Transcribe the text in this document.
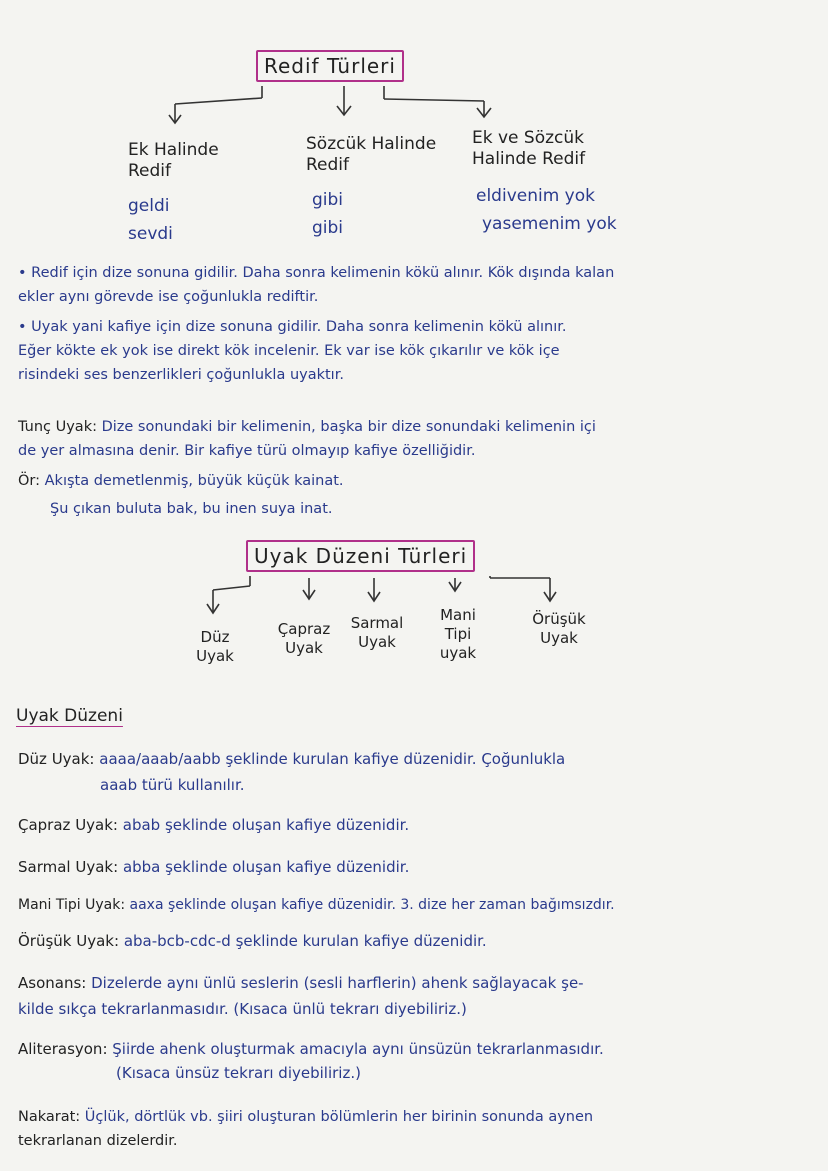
Redif Türleri
Ek Halinde
Redif
geldi
sevdi
Sözcük Halinde
Redif
gibi
gibi
Ek ve Sözcük
Halinde Redif
eldivenim yok
yasemenim yok
• Redif için dize sonuna gidilir. Daha sonra kelimenin kökü alınır. Kök dışında kalan
ekler aynı görevde ise çoğunlukla rediftir.
• Uyak yani kafiye için dize sonuna gidilir. Daha sonra kelimenin kökü alınır.
Eğer kökte ek yok ise direkt kök incelenir. Ek var ise kök çıkarılır ve kök içe
risindeki ses benzerlikleri çoğunlukla uyaktır.
Tunç Uyak: Dize sonundaki bir kelimenin, başka bir dize sonundaki kelimenin içi
de yer almasına denir. Bir kafiye türü olmayıp kafiye özelliğidir.
Ör: Akışta demetlenmiş, büyük küçük kainat.
Şu çıkan buluta bak, bu inen suya inat.
Uyak Düzeni Türleri
Düz
Uyak
Çapraz
Uyak
Sarmal
Uyak
Mani
Tipi
uyak
Örüşük
Uyak
Uyak Düzeni
Düz Uyak: aaaa/aaab/aabb şeklinde kurulan kafiye düzenidir. Çoğunlukla
aaab türü kullanılır.
Çapraz Uyak: abab şeklinde oluşan kafiye düzenidir.
Sarmal Uyak: abba şeklinde oluşan kafiye düzenidir.
Mani Tipi Uyak: aaxa şeklinde oluşan kafiye düzenidir. 3. dize her zaman bağımsızdır.
Örüşük Uyak: aba-bcb-cdc-d şeklinde kurulan kafiye düzenidir.
Asonans: Dizelerde aynı ünlü seslerin (sesli harflerin) ahenk sağlayacak şe-
kilde sıkça tekrarlanmasıdır. (Kısaca ünlü tekrarı diyebiliriz.)
Aliterasyon: Şiirde ahenk oluşturmak amacıyla aynı ünsüzün tekrarlanmasıdır.
(Kısaca ünsüz tekrarı diyebiliriz.)
Nakarat: Üçlük, dörtlük vb. şiiri oluşturan bölümlerin her birinin sonunda aynen
tekrarlanan dizelerdir.
